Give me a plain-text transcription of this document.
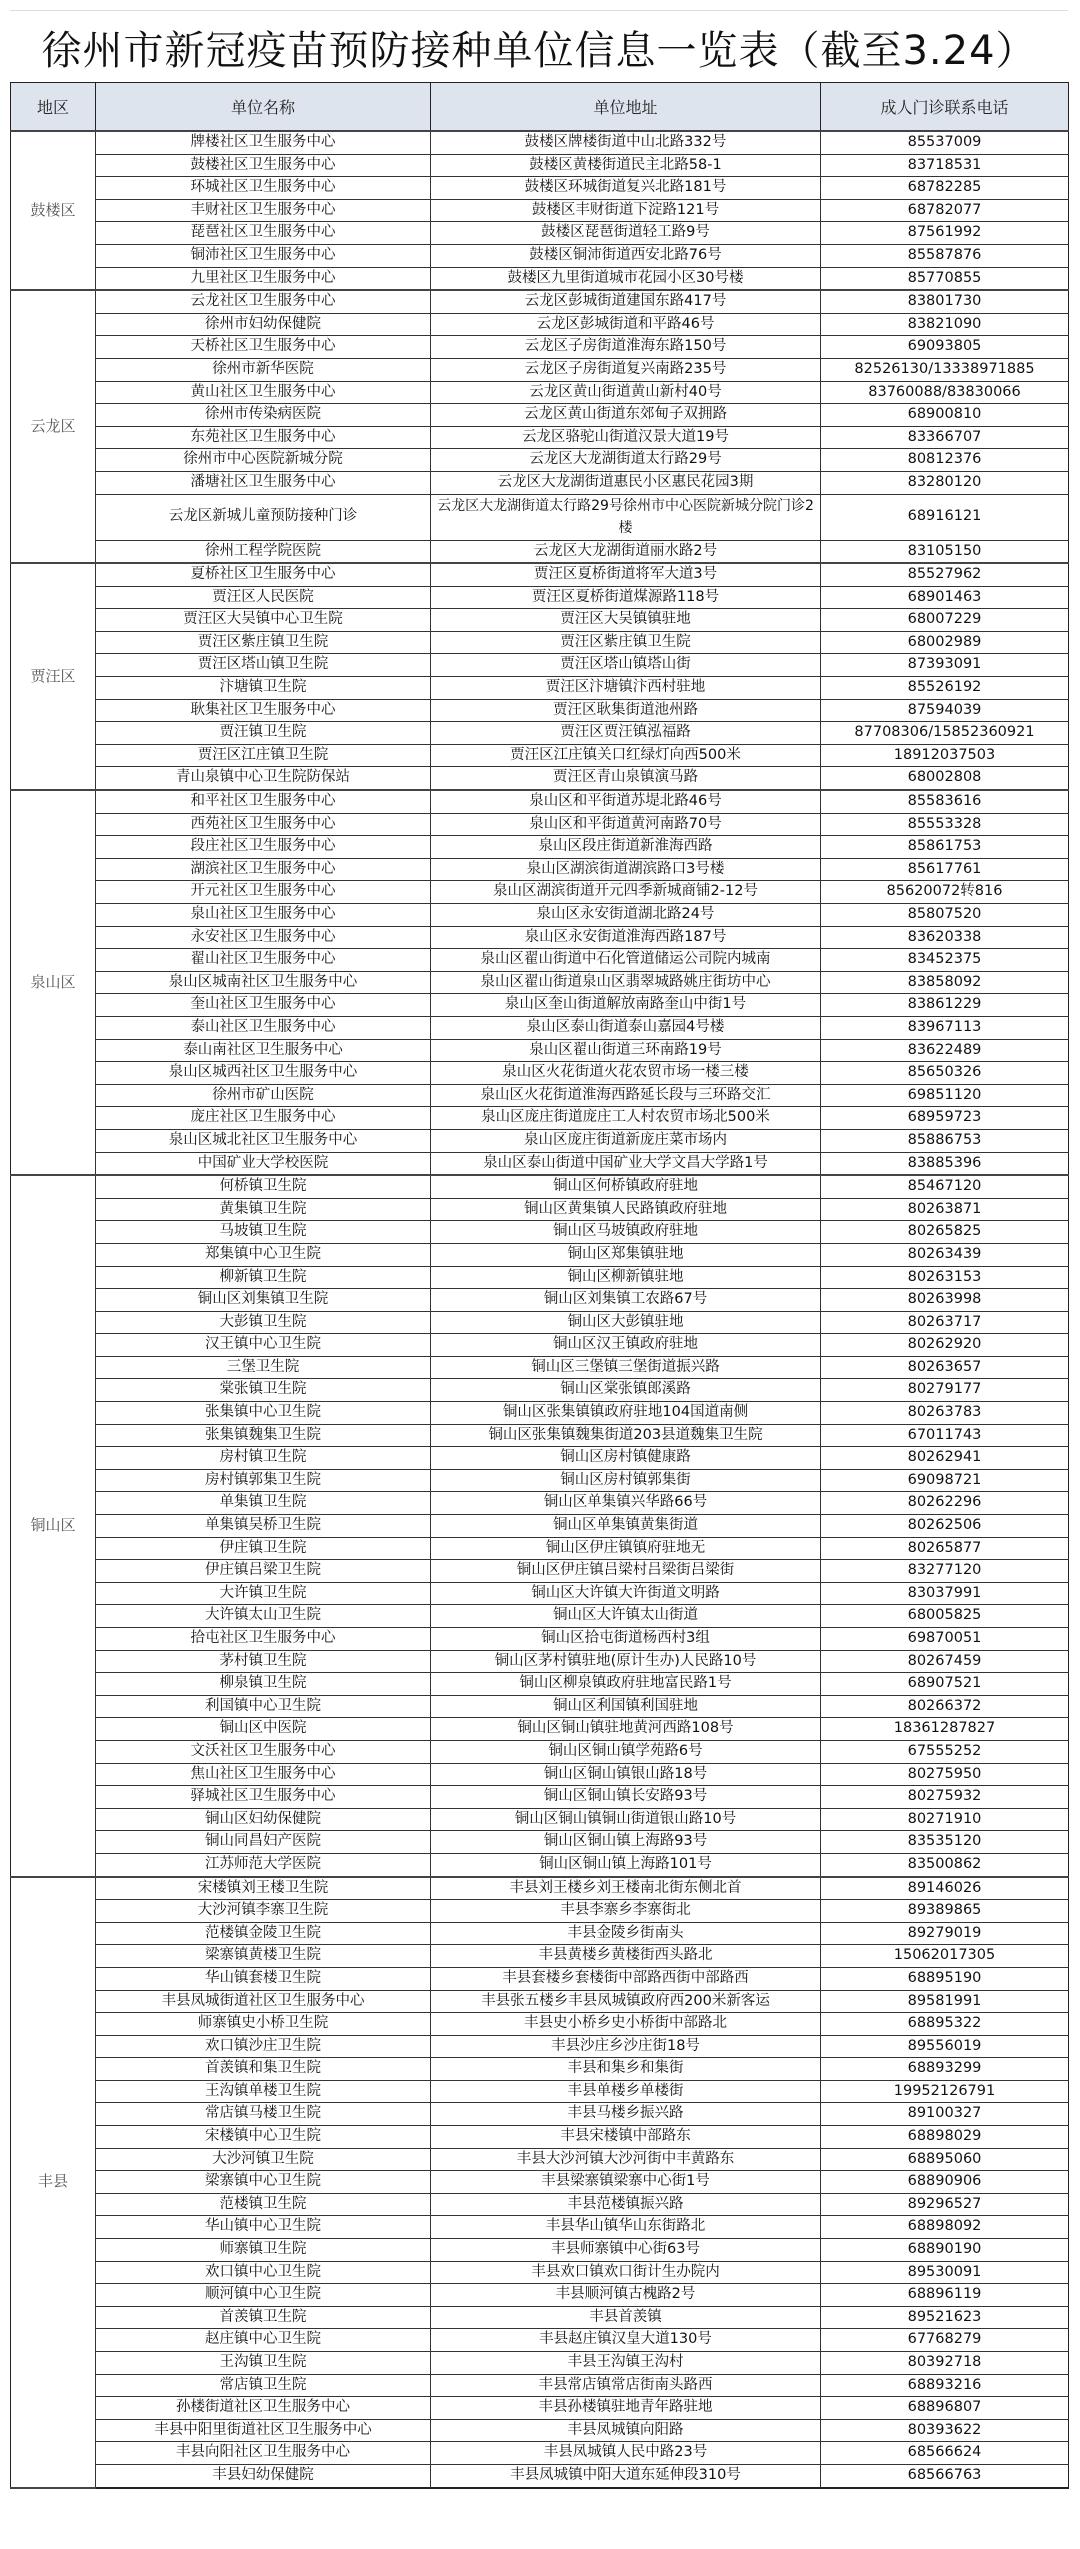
徐州市新冠疫苗预防接种单位信息一览表（截至3.24）
地区	单位名称	单位地址	成人门诊联系电话
鼓楼区	牌楼社区卫生服务中心	鼓楼区牌楼街道中山北路332号	85537009
	鼓楼社区卫生服务中心	鼓楼区黄楼街道民主北路58-1	83718531
	环城社区卫生服务中心	鼓楼区环城街道复兴北路181号	68782285
	丰财社区卫生服务中心	鼓楼区丰财街道下淀路121号	68782077
	琵琶社区卫生服务中心	鼓楼区琵琶街道轻工路9号	87561992
	铜沛社区卫生服务中心	鼓楼区铜沛街道西安北路76号	85587876
	九里社区卫生服务中心	鼓楼区九里街道城市花园小区30号楼	85770855
云龙区	云龙社区卫生服务中心	云龙区彭城街道建国东路417号	83801730
	徐州市妇幼保健院	云龙区彭城街道和平路46号	83821090
	天桥社区卫生服务中心	云龙区子房街道淮海东路150号	69093805
	徐州市新华医院	云龙区子房街道复兴南路235号	82526130/13338971885
	黄山社区卫生服务中心	云龙区黄山街道黄山新村40号	83760088/83830066
	徐州市传染病医院	云龙区黄山街道东郊甸子双拥路	68900810
	东苑社区卫生服务中心	云龙区骆驼山街道汉景大道19号	83366707
	徐州市中心医院新城分院	云龙区大龙湖街道太行路29号	80812376
	潘塘社区卫生服务中心	云龙区大龙湖街道惠民小区惠民花园3期	83280120
	云龙区新城儿童预防接种门诊	云龙区大龙湖街道太行路29号徐州市中心医院新城分院门诊2楼	68916121
	徐州工程学院医院	云龙区大龙湖街道丽水路2号	83105150
贾汪区	夏桥社区卫生服务中心	贾汪区夏桥街道将军大道3号	85527962
	贾汪区人民医院	贾汪区夏桥街道煤源路118号	68901463
	贾汪区大吴镇中心卫生院	贾汪区大吴镇镇驻地	68007229
	贾汪区紫庄镇卫生院	贾汪区紫庄镇卫生院	68002989
	贾汪区塔山镇卫生院	贾汪区塔山镇塔山街	87393091
	汴塘镇卫生院	贾汪区汴塘镇汴西村驻地	85526192
	耿集社区卫生服务中心	贾汪区耿集街道池州路	87594039
	贾汪镇卫生院	贾汪区贾汪镇泓福路	87708306/15852360921
	贾汪区江庄镇卫生院	贾汪区江庄镇关口红绿灯向西500米	18912037503
	青山泉镇中心卫生院防保站	贾汪区青山泉镇演马路	68002808
泉山区	和平社区卫生服务中心	泉山区和平街道苏堤北路46号	85583616
	西苑社区卫生服务中心	泉山区和平街道黄河南路70号	85553328
	段庄社区卫生服务中心	泉山区段庄街道新淮海西路	85861753
	湖滨社区卫生服务中心	泉山区湖滨街道湖滨路口3号楼	85617761
	开元社区卫生服务中心	泉山区湖滨街道开元四季新城商铺2-12号	85620072转816
	泉山社区卫生服务中心	泉山区永安街道湖北路24号	85807520
	永安社区卫生服务中心	泉山区永安街道淮海西路187号	83620338
	翟山社区卫生服务中心	泉山区翟山街道中石化管道储运公司院内城南	83452375
	泉山区城南社区卫生服务中心	泉山区翟山街道泉山区翡翠城路姚庄街坊中心	83858092
	奎山社区卫生服务中心	泉山区奎山街道解放南路奎山中街1号	83861229
	泰山社区卫生服务中心	泉山区泰山街道泰山嘉园4号楼	83967113
	泰山南社区卫生服务中心	泉山区翟山街道三环南路19号	83622489
	泉山区城西社区卫生服务中心	泉山区火花街道火花农贸市场一楼三楼	85650326
	徐州市矿山医院	泉山区火花街道淮海西路延长段与三环路交汇	69851120
	庞庄社区卫生服务中心	泉山区庞庄街道庞庄工人村农贸市场北500米	68959723
	泉山区城北社区卫生服务中心	泉山区庞庄街道新庞庄菜市场内	85886753
	中国矿业大学校医院	泉山区泰山街道中国矿业大学文昌大学路1号	83885396
铜山区	何桥镇卫生院	铜山区何桥镇政府驻地	85467120
	黄集镇卫生院	铜山区黄集镇人民路镇政府驻地	80263871
	马坡镇卫生院	铜山区马坡镇政府驻地	80265825
	郑集镇中心卫生院	铜山区郑集镇驻地	80263439
	柳新镇卫生院	铜山区柳新镇驻地	80263153
	铜山区刘集镇卫生院	铜山区刘集镇工农路67号	80263998
	大彭镇卫生院	铜山区大彭镇驻地	80263717
	汉王镇中心卫生院	铜山区汉王镇政府驻地	80262920
	三堡卫生院	铜山区三堡镇三堡街道振兴路	80263657
	棠张镇卫生院	铜山区棠张镇郎溪路	80279177
	张集镇中心卫生院	铜山区张集镇镇政府驻地104国道南侧	80263783
	张集镇魏集卫生院	铜山区张集镇魏集街道203县道魏集卫生院	67011743
	房村镇卫生院	铜山区房村镇健康路	80262941
	房村镇郭集卫生院	铜山区房村镇郭集街	69098721
	单集镇卫生院	铜山区单集镇兴华路66号	80262296
	单集镇吴桥卫生院	铜山区单集镇黄集街道	80262506
	伊庄镇卫生院	铜山区伊庄镇镇府驻地无	80265877
	伊庄镇吕梁卫生院	铜山区伊庄镇吕梁村吕梁街吕梁街	83277120
	大许镇卫生院	铜山区大许镇大许街道文明路	83037991
	大许镇太山卫生院	铜山区大许镇太山街道	68005825
	拾屯社区卫生服务中心	铜山区拾屯街道杨西村3组	69870051
	茅村镇卫生院	铜山区茅村镇驻地(原计生办)人民路10号	80267459
	柳泉镇卫生院	铜山区柳泉镇政府驻地富民路1号	68907521
	利国镇中心卫生院	铜山区利国镇利国驻地	80266372
	铜山区中医院	铜山区铜山镇驻地黄河西路108号	18361287827
	文沃社区卫生服务中心	铜山区铜山镇学苑路6号	67555252
	焦山社区卫生服务中心	铜山区铜山镇银山路18号	80275950
	驿城社区卫生服务中心	铜山区铜山镇长安路93号	80275932
	铜山区妇幼保健院	铜山区铜山镇铜山街道银山路10号	80271910
	铜山同昌妇产医院	铜山区铜山镇上海路93号	83535120
	江苏师范大学医院	铜山区铜山镇上海路101号	83500862
丰县	宋楼镇刘王楼卫生院	丰县刘王楼乡刘王楼南北街东侧北首	89146026
	大沙河镇李寨卫生院	丰县李寨乡李寨街北	89389865
	范楼镇金陵卫生院	丰县金陵乡街南头	89279019
	梁寨镇黄楼卫生院	丰县黄楼乡黄楼街西头路北	15062017305
	华山镇套楼卫生院	丰县套楼乡套楼街中部路西街中部路西	68895190
	丰县凤城街道社区卫生服务中心	丰县张五楼乡丰县凤城镇政府西200米新客运	89581991
	师寨镇史小桥卫生院	丰县史小桥乡史小桥街中部路北	68895322
	欢口镇沙庄卫生院	丰县沙庄乡沙庄街18号	89556019
	首羡镇和集卫生院	丰县和集乡和集街	68893299
	王沟镇单楼卫生院	丰县单楼乡单楼街	19952126791
	常店镇马楼卫生院	丰县马楼乡振兴路	89100327
	宋楼镇中心卫生院	丰县宋楼镇中部路东	68898029
	大沙河镇卫生院	丰县大沙河镇大沙河街中丰黄路东	68895060
	梁寨镇中心卫生院	丰县梁寨镇梁寨中心街1号	68890906
	范楼镇卫生院	丰县范楼镇振兴路	89296527
	华山镇中心卫生院	丰县华山镇华山东街路北	68898092
	师寨镇卫生院	丰县师寨镇中心街63号	68890190
	欢口镇中心卫生院	丰县欢口镇欢口街计生办院内	89530091
	顺河镇中心卫生院	丰县顺河镇古槐路2号	68896119
	首羡镇卫生院	丰县首羡镇	89521623
	赵庄镇中心卫生院	丰县赵庄镇汉皇大道130号	67768279
	王沟镇卫生院	丰县王沟镇王沟村	80392718
	常店镇卫生院	丰县常店镇常店街南头路西	68893216
	孙楼街道社区卫生服务中心	丰县孙楼镇驻地青年路驻地	68896807
	丰县中阳里街道社区卫生服务中心	丰县凤城镇向阳路	80393622
	丰县向阳社区卫生服务中心	丰县凤城镇人民中路23号	68566624
	丰县妇幼保健院	丰县凤城镇中阳大道东延伸段310号	68566763
